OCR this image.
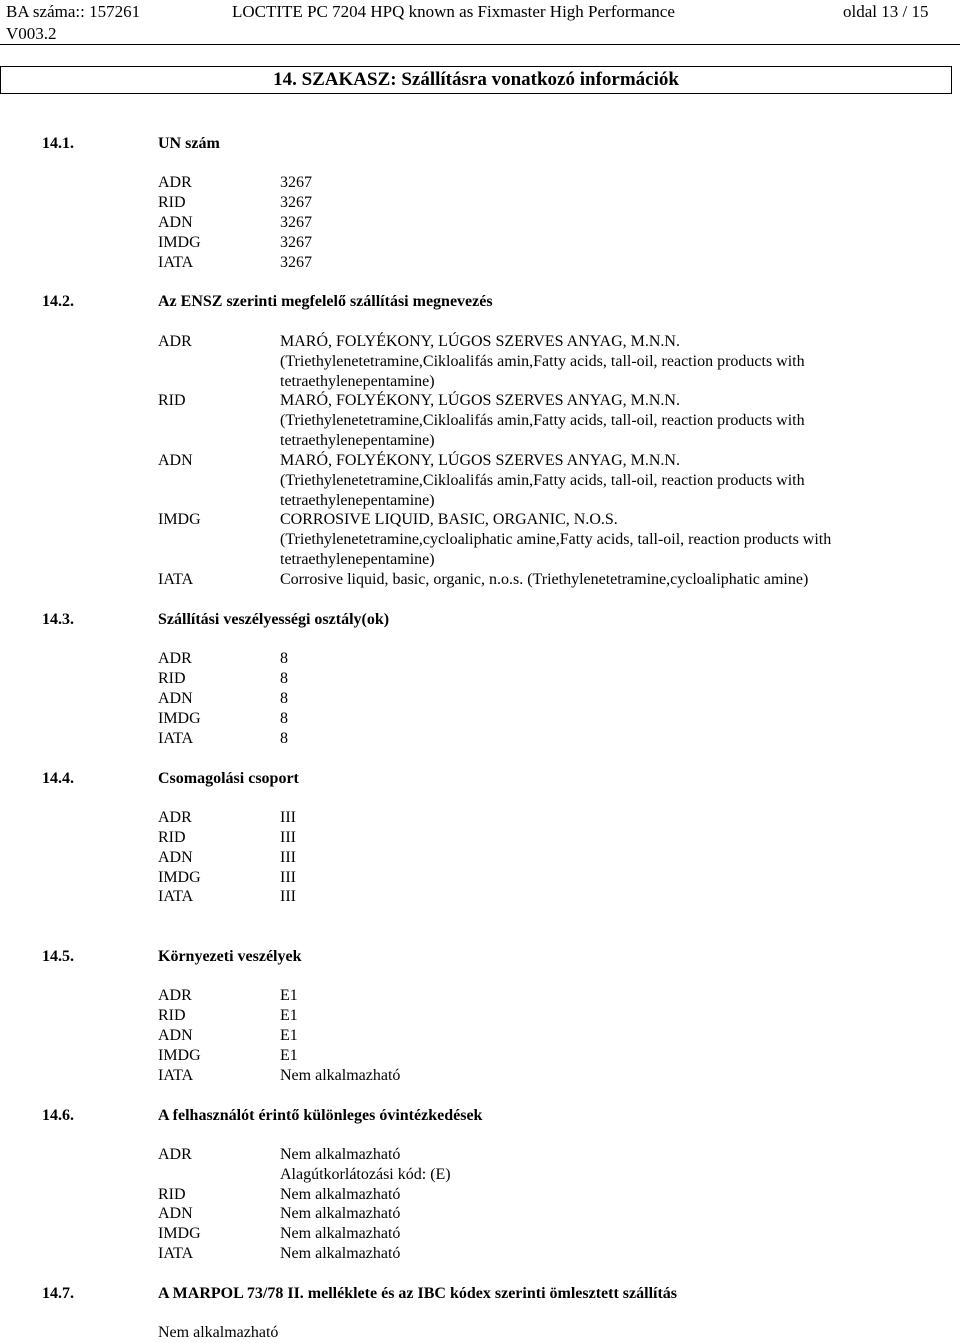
BA száma:: 157261
V003.2
LOCTITE PC 7204 HPQ known as Fixmaster High Performance	oldal 13 / 15
14. SZAKASZ: Szállításra vonatkozó információk
14.1.	UN szám
ADR	3267
RID	3267
ADN	3267
IMDG	3267
IATA	3267
14.2.	Az ENSZ szerinti megfelelő szállítási megnevezés
ADR	MARÓ, FOLYÉKONY, LÚGOS SZERVES ANYAG, M.N.N.
(Triethylenetetramine,Cikloalifás amin,Fatty acids, tall-oil, reaction products with
tetraethylenepentamine)
RID	MARÓ, FOLYÉKONY, LÚGOS SZERVES ANYAG, M.N.N.
(Triethylenetetramine,Cikloalifás amin,Fatty acids, tall-oil, reaction products with
tetraethylenepentamine)
ADN	MARÓ, FOLYÉKONY, LÚGOS SZERVES ANYAG, M.N.N.
(Triethylenetetramine,Cikloalifás amin,Fatty acids, tall-oil, reaction products with
tetraethylenepentamine)
IMDG	CORROSIVE LIQUID, BASIC, ORGANIC, N.O.S.
(Triethylenetetramine,cycloaliphatic amine,Fatty acids, tall-oil, reaction products with
tetraethylenepentamine)
IATA	Corrosive liquid, basic, organic, n.o.s. (Triethylenetetramine,cycloaliphatic amine)
14.3.	Szállítási veszélyességi osztály(ok)
ADR	8
RID	8
ADN	8
IMDG	8
IATA	8
14.4.	Csomagolási csoport
ADR	III
RID	III
ADN	III
IMDG	III
IATA	III
14.5.	Környezeti veszélyek
ADR	E1
RID	E1
ADN	E1
IMDG	E1
IATA	Nem alkalmazható
14.6.	A felhasználót érintő különleges óvintézkedések
ADR	Nem alkalmazható
Alagútkorlátozási kód: (E)
RID	Nem alkalmazható
ADN	Nem alkalmazható
IMDG	Nem alkalmazható
IATA	Nem alkalmazható
14.7.	A MARPOL 73/78 II. melléklete és az IBC kódex szerinti ömlesztett szállítás
Nem alkalmazható
